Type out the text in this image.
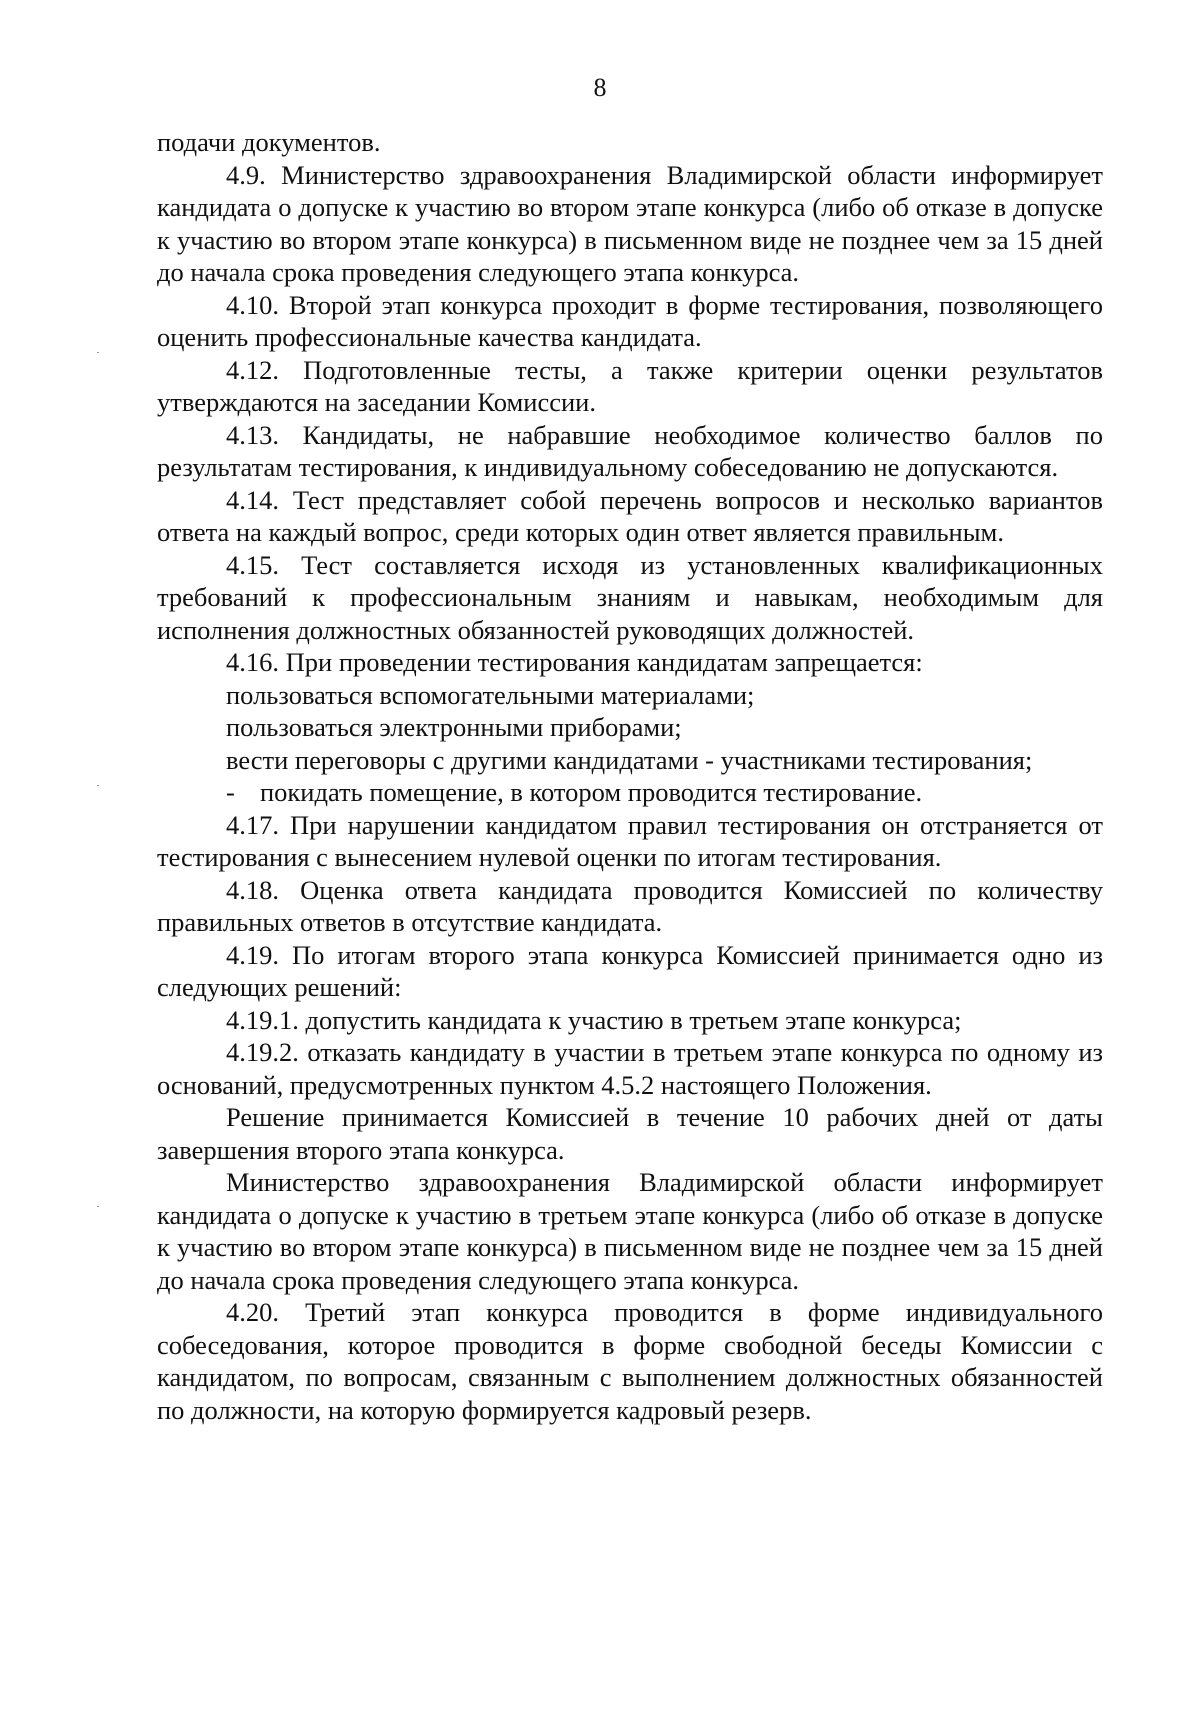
8

подачи документов.

4.9. Министерство здравоохранения Владимирской области информирует кандидата о допуске к участию во втором этапе конкурса (либо об отказе в допуске к участию во втором этапе конкурса) в письменном виде не позднее чем за 15 дней до начала срока проведения следующего этапа конкурса.

4.10. Второй этап конкурса проходит в форме тестирования, позволяющего оценить профессиональные качества кандидата.

4.12. Подготовленные тесты, а также критерии оценки результатов утверждаются на заседании Комиссии.

4.13. Кандидаты, не набравшие необходимое количество баллов по результатам тестирования, к индивидуальному собеседованию не допускаются.

4.14. Тест представляет собой перечень вопросов и несколько вариантов ответа на каждый вопрос, среди которых один ответ является правильным.

4.15. Тест составляется исходя из установленных квалификационных требований к профессиональным знаниям и навыкам, необходимым для исполнения должностных обязанностей руководящих должностей.

4.16. При проведении тестирования кандидатам запрещается:

пользоваться вспомогательными материалами;

пользоваться электронными приборами;

вести переговоры с другими кандидатами - участниками тестирования;

- покидать помещение, в котором проводится тестирование.

4.17. При нарушении кандидатом правил тестирования он отстраняется от тестирования с вынесением нулевой оценки по итогам тестирования.

4.18. Оценка ответа кандидата проводится Комиссией по количеству правильных ответов в отсутствие кандидата.

4.19. По итогам второго этапа конкурса Комиссией принимается одно из следующих решений:

4.19.1. допустить кандидата к участию в третьем этапе конкурса;

4.19.2. отказать кандидату в участии в третьем этапе конкурса по одному из оснований, предусмотренных пунктом 4.5.2 настоящего Положения.

Решение принимается Комиссией в течение 10 рабочих дней от даты завершения второго этапа конкурса.

Министерство здравоохранения Владимирской области информирует кандидата о допуске к участию в третьем этапе конкурса (либо об отказе в допуске к участию во втором этапе конкурса) в письменном виде не позднее чем за 15 дней до начала срока проведения следующего этапа конкурса.

4.20. Третий этап конкурса проводится в форме индивидуального собеседования, которое проводится в форме свободной беседы Комиссии с кандидатом, по вопросам, связанным с выполнением должностных обязанностей по должности, на которую формируется кадровый резерв.
